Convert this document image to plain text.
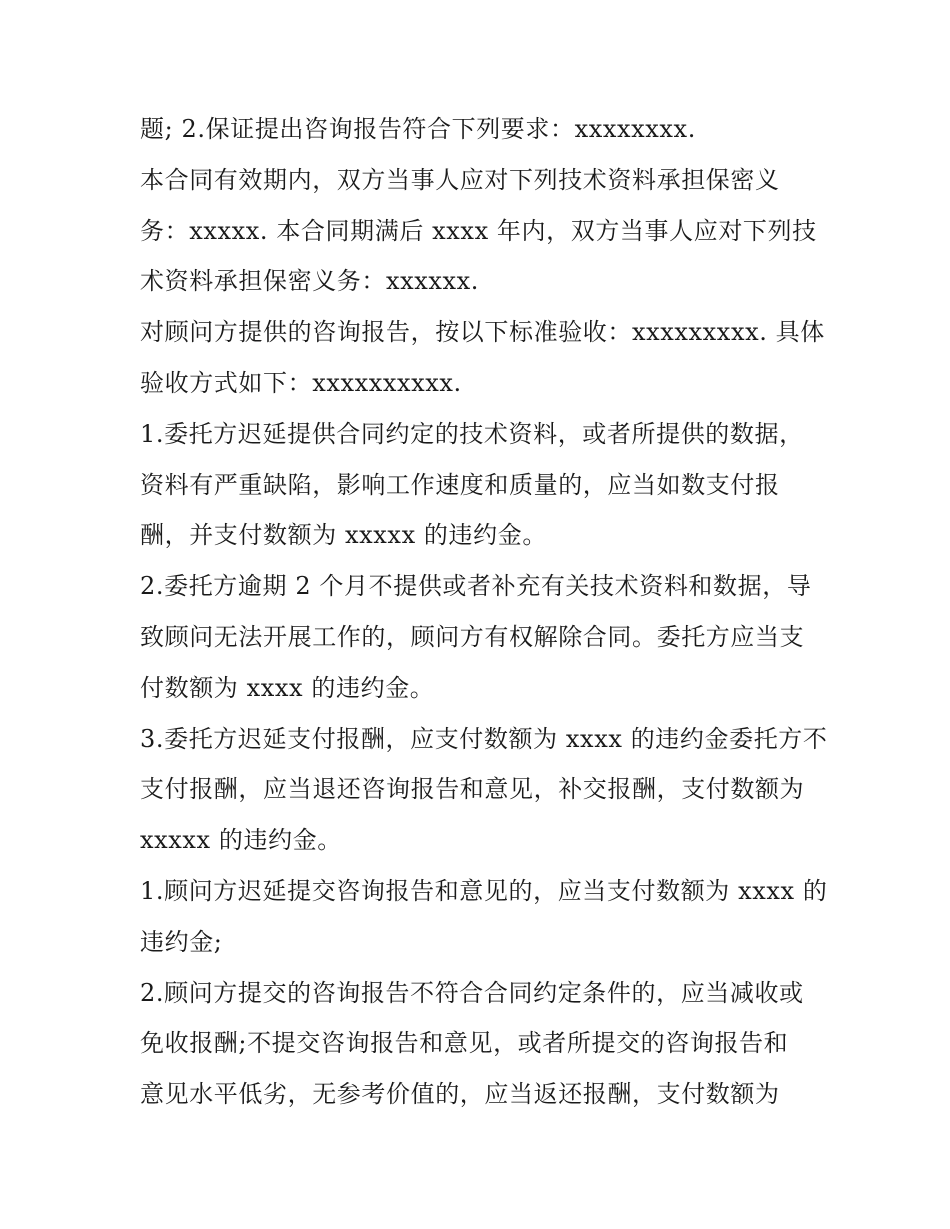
题; 2.保证提出咨询报告符合下列要求：xxxxxxxx.
本合同有效期内，双方当事人应对下列技术资料承担保密义
务：xxxxx. 本合同期满后 xxxx 年内，双方当事人应对下列技
术资料承担保密义务：xxxxxx.
对顾问方提供的咨询报告，按以下标准验收：xxxxxxxxx. 具体
验收方式如下：xxxxxxxxxx.
1.委托方迟延提供合同约定的技术资料，或者所提供的数据，
资料有严重缺陷，影响工作速度和质量的，应当如数支付报
酬，并支付数额为 xxxxx 的违约金。
2.委托方逾期 2 个月不提供或者补充有关技术资料和数据，导
致顾问无法开展工作的，顾问方有权解除合同。委托方应当支
付数额为 xxxx 的违约金。
3.委托方迟延支付报酬，应支付数额为 xxxx 的违约金委托方不
支付报酬，应当退还咨询报告和意见，补交报酬，支付数额为
xxxxx 的违约金。
1.顾问方迟延提交咨询报告和意见的，应当支付数额为 xxxx 的
违约金;
2.顾问方提交的咨询报告不符合合同约定条件的，应当减收或
免收报酬;不提交咨询报告和意见，或者所提交的咨询报告和
意见水平低劣，无参考价值的，应当返还报酬，支付数额为
